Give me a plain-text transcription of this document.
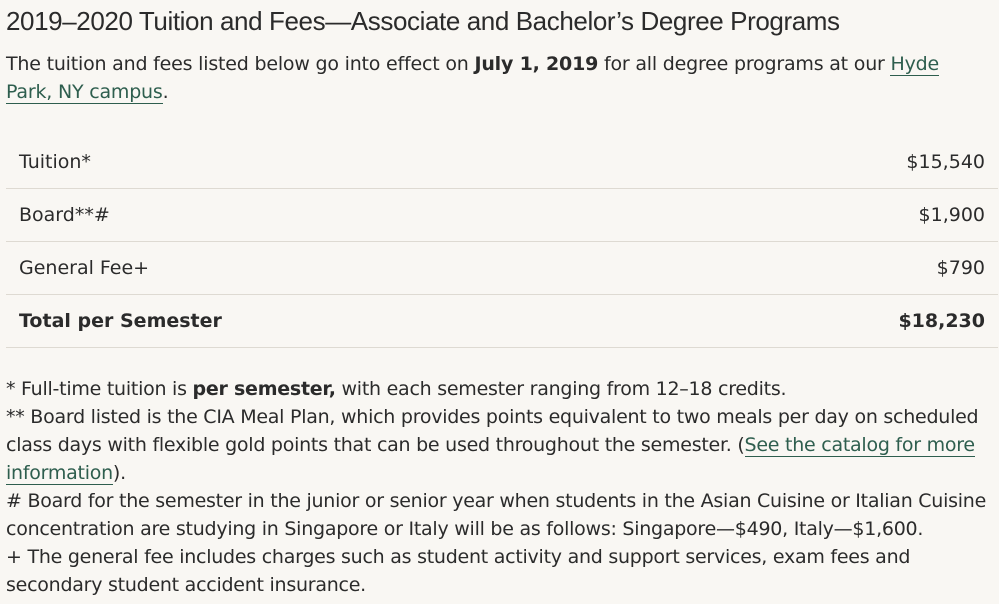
2019–2020 Tuition and Fees—Associate and Bachelor’s Degree Programs

The tuition and fees listed below go into effect on July 1, 2019 for all degree programs at our Hyde Park, NY campus.

Tuition*	$15,540
Board**#	$1,900
General Fee+	$790
Total per Semester	$18,230

* Full-time tuition is per semester, with each semester ranging from 12–18 credits.

** Board listed is the CIA Meal Plan, which provides points equivalent to two meals per day on scheduled class days with flexible gold points that can be used throughout the semester. (See the catalog for more information).

# Board for the semester in the junior or senior year when students in the Asian Cuisine or Italian Cuisine concentration are studying in Singapore or Italy will be as follows: Singapore—$490, Italy—$1,600.

+ The general fee includes charges such as student activity and support services, exam fees and secondary student accident insurance.
